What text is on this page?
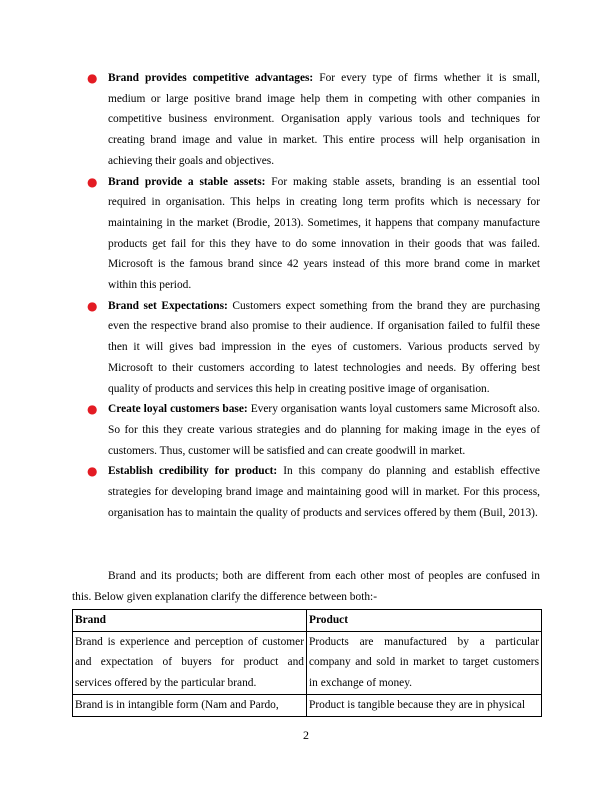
● Brand provides competitive advantages: For every type of firms whether it is small, medium or large positive brand image help them in competing with other companies in competitive business environment. Organisation apply various tools and techniques for creating brand image and value in market. This entire process will help organisation in achieving their goals and objectives.
● Brand provide a stable assets: For making stable assets, branding is an essential tool required in organisation. This helps in creating long term profits which is necessary for maintaining in the market (Brodie, 2013). Sometimes, it happens that company manufacture products get fail for this they have to do some innovation in their goods that was failed. Microsoft is the famous brand since 42 years instead of this more brand come in market within this period.
● Brand set Expectations: Customers expect something from the brand they are purchasing even the respective brand also promise to their audience. If organisation failed to fulfil these then it will gives bad impression in the eyes of customers. Various products served by Microsoft to their customers according to latest technologies and needs. By offering best quality of products and services this help in creating positive image of organisation.
● Create loyal customers base: Every organisation wants loyal customers same Microsoft also. So for this they create various strategies and do planning for making image in the eyes of customers. Thus, customer will be satisfied and can create goodwill in market.
● Establish credibility for product: In this company do planning and establish effective strategies for developing brand image and maintaining good will in market. For this process, organisation has to maintain the quality of products and services offered by them (Buil, 2013).

Brand and its products; both are different from each other most of peoples are confused in this. Below given explanation clarify the difference between both:-

Brand	Product
Brand is experience and perception of customer and expectation of buyers for product and services offered by the particular brand.	Products are manufactured by a particular company and sold in market to target customers in exchange of money.
Brand is in intangible form (Nam and Pardo,	Product is tangible because they are in physical
2
